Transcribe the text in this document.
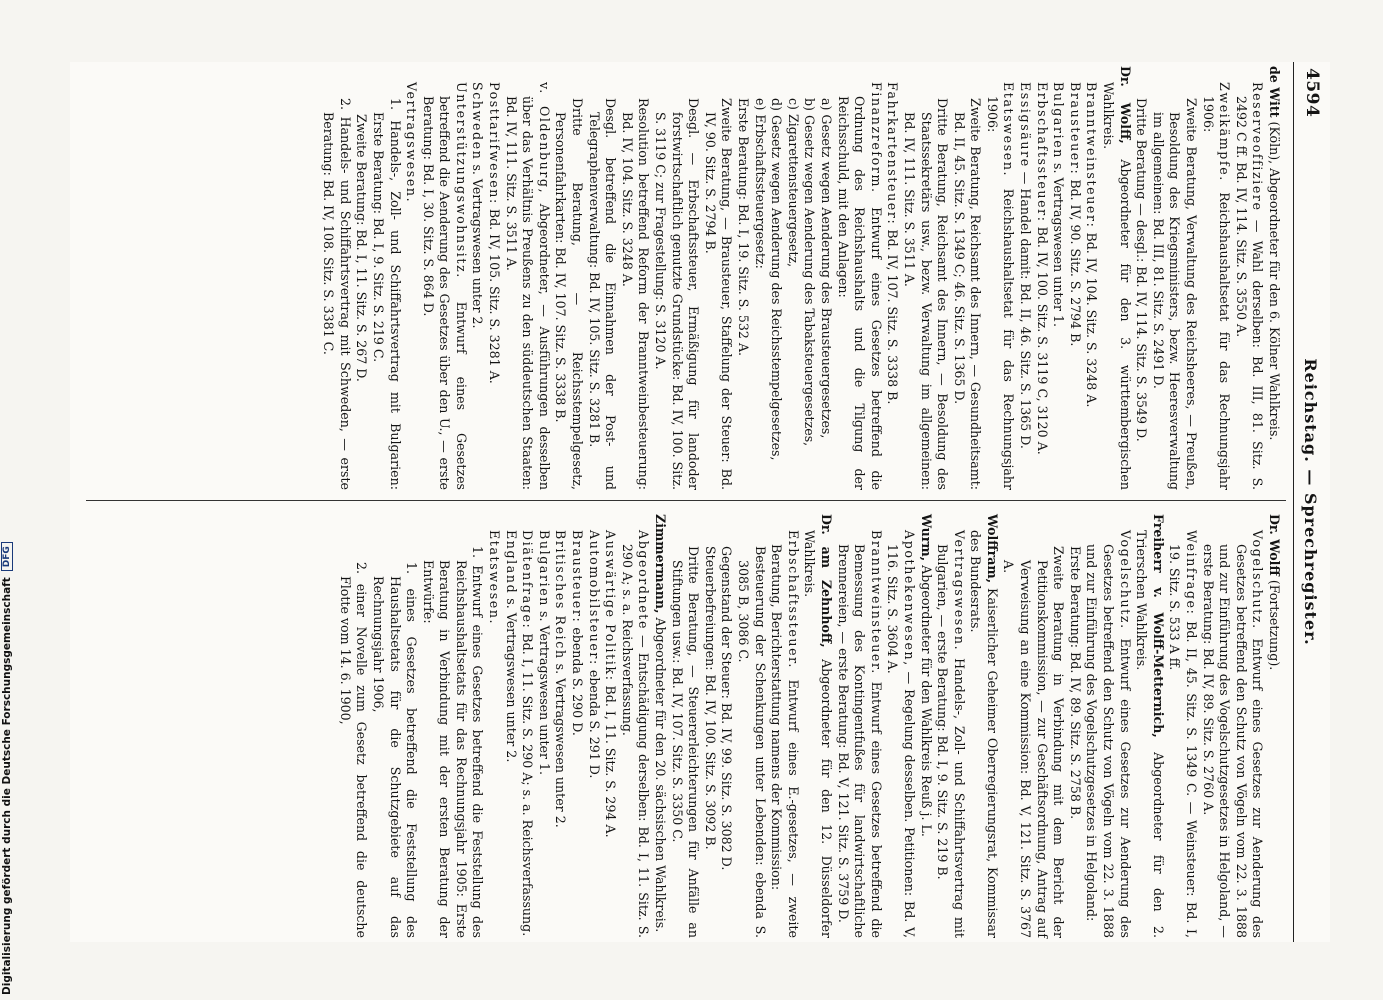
4594
Reichstag. — Sprechregister.

de Witt (Köln), Abgeordneter für den 6. Kölner Wahlkreis.

Reserveoffiziere — Wahl derselben: Bd. III, 81. Sitz. S. 2492 C ff. Bd. IV, 114. Sitz. S. 3550 A.

Zweikämpfe. Reichshaushaltsetat für das Rechnungsjahr 1906:

Zweite Beratung, Verwaltung des Reichsheeres, — Preußen, Besoldung des Kriegsministers, bezw. Heeresverwaltung im allgemeinen: Bd. III, 81. Sitz. S. 2491 D.

Dritte Beratung — desgl.: Bd. IV, 114. Sitz. S. 3549 D.

Dr. Wolff, Abgeordneter für den 3. württembergischen Wahlkreis.

Branntweinsteuer: Bd. IV, 104. Sitz. S. 3248 A.

Brausteuer: Bd. IV, 90. Sitz. S. 2794 B.

Bulgarien s. Vertragswesen unter 1.

Erbschaftssteuer: Bd. IV, 100. Sitz. S. 3119 C, 3120 A.

Essigsäure — Handel damit: Bd. II, 46. Sitz. S. 1365 D.

Etatswesen. Reichshaushaltsetat für das Rechnungsjahr 1906:

Zweite Beratung, Reichsamt des Innern, — Gesundheitsamt: Bd. II, 45. Sitz. S. 1349 C; 46. Sitz. S. 1365 D.

Dritte Beratung, Reichsamt des Innern, — Besoldung des Staatssekretärs usw., bezw. Verwaltung im allgemeinen: Bd. IV, 111. Sitz. S. 3511 A.

Fahrkartensteuer: Bd. IV, 107. Sitz. S. 3338 B.

Finanzreform. Entwurf eines Gesetzes betreffend die Ordnung des Reichshaushalts und die Tilgung der Reichsschuld, mit den Anlagen:

a) Gesetz wegen Aenderung des Brausteuergesetzes,

b) Gesetz wegen Aenderung des Tabaksteuergesetzes,

c) Zigarettensteuergesetz,

d) Gesetz wegen Aenderung des Reichsstempelgesetzes,

e) Erbschaftssteuergesetz:

Erste Beratung: Bd. I, 19. Sitz. S. 532 A.

Zweite Beratung, — Brausteuer, Staffelung der Steuer: Bd. IV, 90. Sitz. S. 2794 B.

Desgl. — Erbschaftssteuer, Ermäßigung für landoder forstwirtschaftlich genutzte Grundstücke: Bd. IV, 100. Sitz. S. 3119 C; zur Fragestellung: S. 3120 A.

Resolution betreffend Reform der Branntweinbesteuerung: Bd. IV, 104. Sitz. S. 3248 A.

Desgl. betreffend die Einnahmen der Post- und Telegraphenverwaltung: Bd. IV, 105. Sitz. S. 3281 B.

Dritte Beratung, — Reichsstempelgesetz, Personenfahrkarten: Bd. IV, 107. Sitz. S. 3338 B.

v. Oldenburg, Abgeordneter, — Ausführungen desselben über das Verhältnis Preußens zu den süddeutschen Staaten: Bd. IV, 111. Sitz. S. 3511 A.

Posttarifwesen: Bd. IV, 105. Sitz. S. 3281 A.

Schweden s. Vertragswesen unter 2.

Unterstützungswohnsitz. Entwurf eines Gesetzes betreffend die Aenderung des Gesetzes über den U., — erste Beratung: Bd. I, 30. Sitz. S. 864 D.

Vertragswesen.

1. Handels-, Zoll- und Schiffahrtsvertrag mit Bulgarien: Erste Beratung: Bd. I, 9. Sitz. S. 219 C.

Zweite Beratung: Bd. I, 11. Sitz. S. 267 D.

2. Handels- und Schiffahrtsvertrag mit Schweden, — erste Beratung: Bd. IV, 108. Sitz. S. 3381 C.

Dr. Wolff (Fortsetzung).

Vogelschutz. Entwurf eines Gesetzes zur Aenderung des Gesetzes betreffend den Schutz von Vögeln vom 22. 3. 1888 und zur Einführung des Vogelschutzgesetzes in Helgoland, — erste Beratung: Bd. IV, 89. Sitz. S. 2760 A.

Weinfrage: Bd. II, 45. Sitz. S. 1349 C. — Weinsteuer: Bd. I, 19. Sitz. S. 533 A ff.

Freiherr v. Wolff-Metternich, Abgeordneter für den 2. Trierschen Wahlkreis.

Vogelschutz. Entwurf eines Gesetzes zur Aenderung des Gesetzes betreffend den Schutz von Vögeln vom 22. 3. 1888 und zur Einführung des Vogelschutzgesetzes in Helgoland:

Erste Beratung: Bd. IV, 89. Sitz. S. 2758 B.

Zweite Beratung in Verbindung mit dem Bericht der Petitionskommission, — zur Geschäftsordnung, Antrag auf Verweisung an eine Kommission: Bd. V, 121. Sitz. S. 3767 A.

Wolffram, Kaiserlicher Geheimer Oberregierungsrat, Kommissar des Bundesrats.

Vertragswesen. Handels-, Zoll- und Schiffahrtsvertrag mit Bulgarien, — erste Beratung: Bd. I, 9. Sitz. S. 219 B.

Wurm, Abgeordneter für den Wahlkreis Reuß j. L.

Apothekenwesen, — Regelung desselben. Petitionen: Bd. V, 116. Sitz. S. 3604 A.

Branntweinsteuer. Entwurf eines Gesetzes betreffend die Bemessung des Kontingentfußes für landwirtschaftliche Brennereien, — erste Beratung: Bd. V, 121. Sitz. S. 3759 D.

Dr. am Zehnhoff, Abgeordneter für den 12. Düsseldorfer Wahlkreis.

Erbschaftssteuer. Entwurf eines E.-gesetzes, — zweite Beratung, Berichterstattung namens der Kommission:

Besteuerung der Schenkungen unter Lebenden: ebenda S. 3085 B, 3086 C.

Gegenstand der Steuer: Bd. IV, 99. Sitz. S. 3082 D.

Steuerbefreiungen: Bd. IV, 100. Sitz. S. 3092 B.

Dritte Beratung, — Steuererleichterungen für Anfälle an Stiftungen usw.: Bd. IV, 107. Sitz. S. 3350 C.

Zimmermann, Abgeordneter für den 20. sächsischen Wahlkreis.

Abgeordnete — Entschädigung derselben: Bd. I, 11. Sitz. S. 290 A; s. a. Reichsverfassung.

Auswärtige Politik: Bd. I, 11. Sitz. S. 294 A.

Automobilsteuer: ebenda S. 291 D.

Brausteuer: ebenda S. 290 D.

Britisches Reich s. Vertragswesen unter 2.

Bulgarien s. Vertragswesen unter 1.

Diätenfrage: Bd. I, 11. Sitz. S. 290 A; s. a. Reichsverfassung.

England s. Vertragswesen unter 2.

Etatswesen.

1. Entwurf eines Gesetzes betreffend die Feststellung des Reichshaushaltsetats für das Rechnungsjahr 1905: Erste Beratung in Verbindung mit der ersten Beratung der Entwürfe:

1. eines Gesetzes betreffend die Feststellung des Haushaltsetats für die Schutzgebiete auf das Rechnungsjahr 1906,

2. einer Novelle zum Gesetz betreffend die deutsche Flotte vom 14. 6. 1900,

Digitalisierung gefördert durch die Deutsche ForschungsgemeinschaftDFG
